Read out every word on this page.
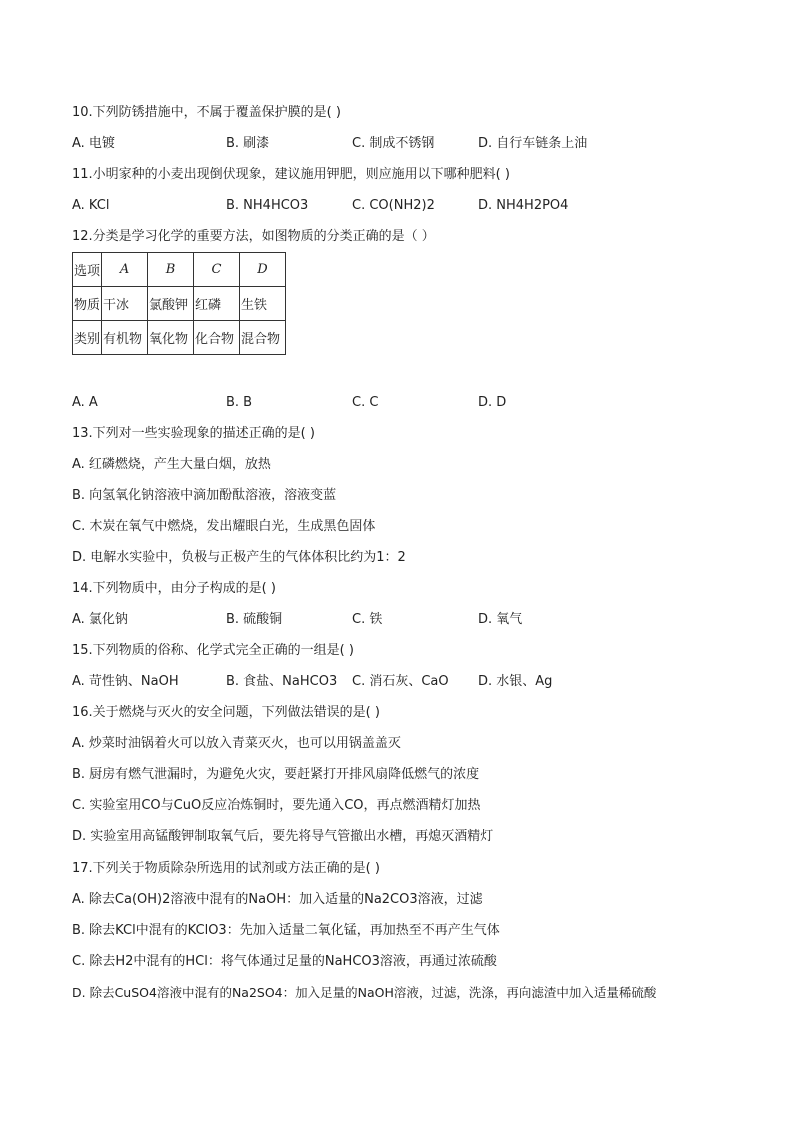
10.下列防锈措施中，不属于覆盖保护膜的是( )
A. 电镀	B. 刷漆	C. 制成不锈钢	D. 自行车链条上油
11.小明家种的小麦出现倒伏现象，建议施用钾肥，则应施用以下哪种肥料( )
A. KCl	B. NH4HCO3	C. CO(NH2)2	D. NH4H2PO4
12.分类是学习化学的重要方法，如图物质的分类正确的是（ ）
选项	A	B	C	D
物质	干冰	氯酸钾	红磷	生铁
类别	有机物	氧化物	化合物	混合物
A. A	B. B	C. C	D. D
13.下列对一些实验现象的描述正确的是( )
A. 红磷燃烧，产生大量白烟，放热
B. 向氢氧化钠溶液中滴加酚酞溶液，溶液变蓝
C. 木炭在氧气中燃烧，发出耀眼白光，生成黑色固体
D. 电解水实验中，负极与正极产生的气体体积比约为1：2
14.下列物质中，由分子构成的是( )
A. 氯化钠	B. 硫酸铜	C. 铁	D. 氧气
15.下列物质的俗称、化学式完全正确的一组是( )
A. 苛性钠、NaOH	B. 食盐、NaHCO3 C. 消石灰、CaO D. 水银、Ag
16.关于燃烧与灭火的安全问题，下列做法错误的是( )
A. 炒菜时油锅着火可以放入青菜灭火，也可以用锅盖盖灭
B. 厨房有燃气泄漏时，为避免火灾，要赶紧打开排风扇降低燃气的浓度
C. 实验室用CO与CuO反应冶炼铜时，要先通入CO，再点燃酒精灯加热
D. 实验室用高锰酸钾制取氧气后，要先将导气管撤出水槽，再熄灭酒精灯
17.下列关于物质除杂所选用的试剂或方法正确的是( )
A. 除去Ca(OH)2溶液中混有的NaOH：加入适量的Na2CO3溶液，过滤
B. 除去KCl中混有的KClO3：先加入适量二氧化锰，再加热至不再产生气体
C. 除去H2中混有的HCl：将气体通过足量的NaHCO3溶液，再通过浓硫酸
D. 除去CuSO4溶液中混有的Na2SO4：加入足量的NaOH溶液，过滤，洗涤，再向滤渣中加入适量稀硫酸
